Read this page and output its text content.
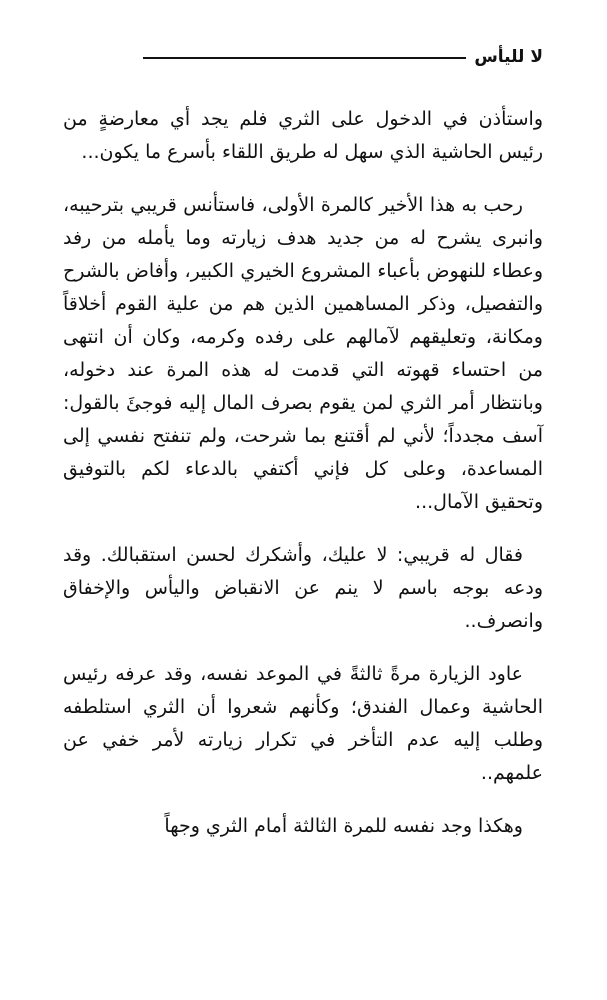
لا لليأس

واستأذن في الدخول على الثري فلم يجد أي معارضةٍ من رئيس الحاشية الذي سهل له طريق اللقاء بأسرع ما يكون...

رحب به هذا الأخير كالمرة الأولى، فاستأنس قريبي بترحيبه، وانبرى يشرح له من جديد هدف زيارته وما يأمله من رفد وعطاء للنهوض بأعباء المشروع الخيري الكبير، وأفاض بالشرح والتفصيل، وذكر المساهمين الذين هم من علية القوم أخلاقاً ومكانة، وتعليقهم لآمالهم على رفده وكرمه، وكان أن انتهى من احتساء قهوته التي قدمت له هذه المرة عند دخوله، وبانتظار أمر الثري لمن يقوم بصرف المال إليه فوجئَ بالقول: آسف مجدداً؛ لأني لم أقتنع بما شرحت، ولم تنفتح نفسي إلى المساعدة، وعلى كل فإني أكتفي بالدعاء لكم بالتوفيق وتحقيق الآمال...

فقال له قريبي: لا عليك، وأشكرك لحسن استقبالك. وقد ودعه بوجه باسم لا ينم عن الانقباض واليأس والإخفاق وانصرف..

عاود الزيارة مرةً ثالثةً في الموعد نفسه، وقد عرفه رئيس الحاشية وعمال الفندق؛ وكأنهم شعروا أن الثري استلطفه وطلب إليه عدم التأخر في تكرار زيارته لأمر خفي عن علمهم..

وهكذا وجد نفسه للمرة الثالثة أمام الثري وجهاً
